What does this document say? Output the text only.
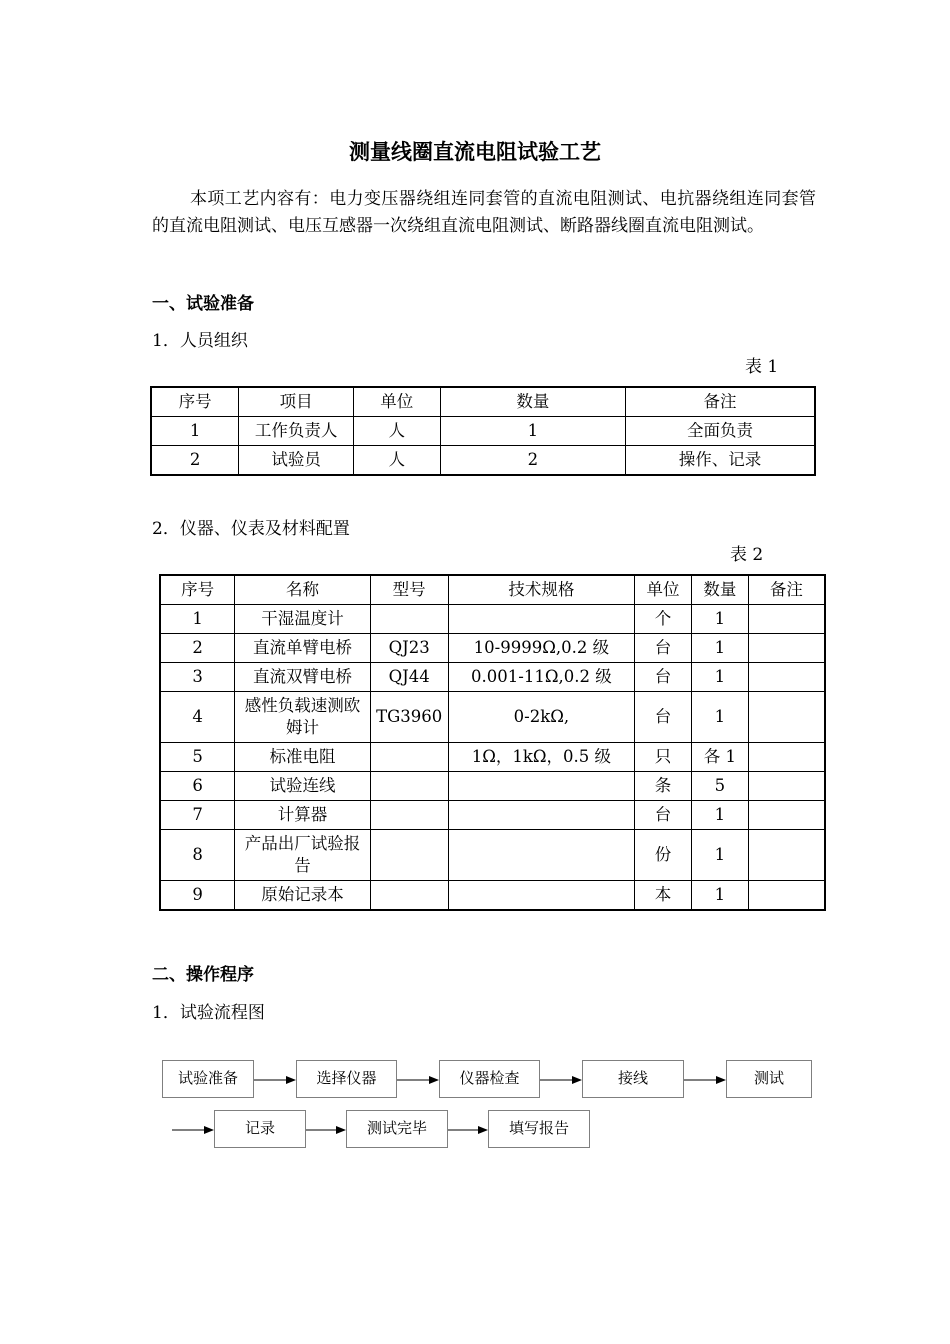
测量线圈直流电阻试验工艺
本项工艺内容有：电力变压器绕组连同套管的直流电阻测试、电抗器绕组连同套管的直流电阻测试、电压互感器一次绕组直流电阻测试、断路器线圈直流电阻测试。
一、试验准备
1．人员组织
表 1
序号	项目	单位	数量	备注
1	工作负责人	人	1	全面负责
2	试验员	人	2	操作、记录
2．仪器、仪表及材料配置
表 2
序号	名称	型号	技术规格	单位	数量	备注
1	干湿温度计			个	1	
2	直流单臂电桥	QJ23	10-9999Ω,0.2 级	台	1	
3	直流双臂电桥	QJ44	0.001-11Ω,0.2 级	台	1	
4	感性负载速测欧姆计	TG3960	0-2kΩ,	台	1	
5	标准电阻		1Ω，1kΩ，0.5 级	只	各 1	
6	试验连线			条	5	
7	计算器			台	1	
8	产品出厂试验报告			份	1	
9	原始记录本			本	1	
二、操作程序
1．试验流程图
试验准备	选择仪器	仪器检查	接线	测试
记录	测试完毕	填写报告
